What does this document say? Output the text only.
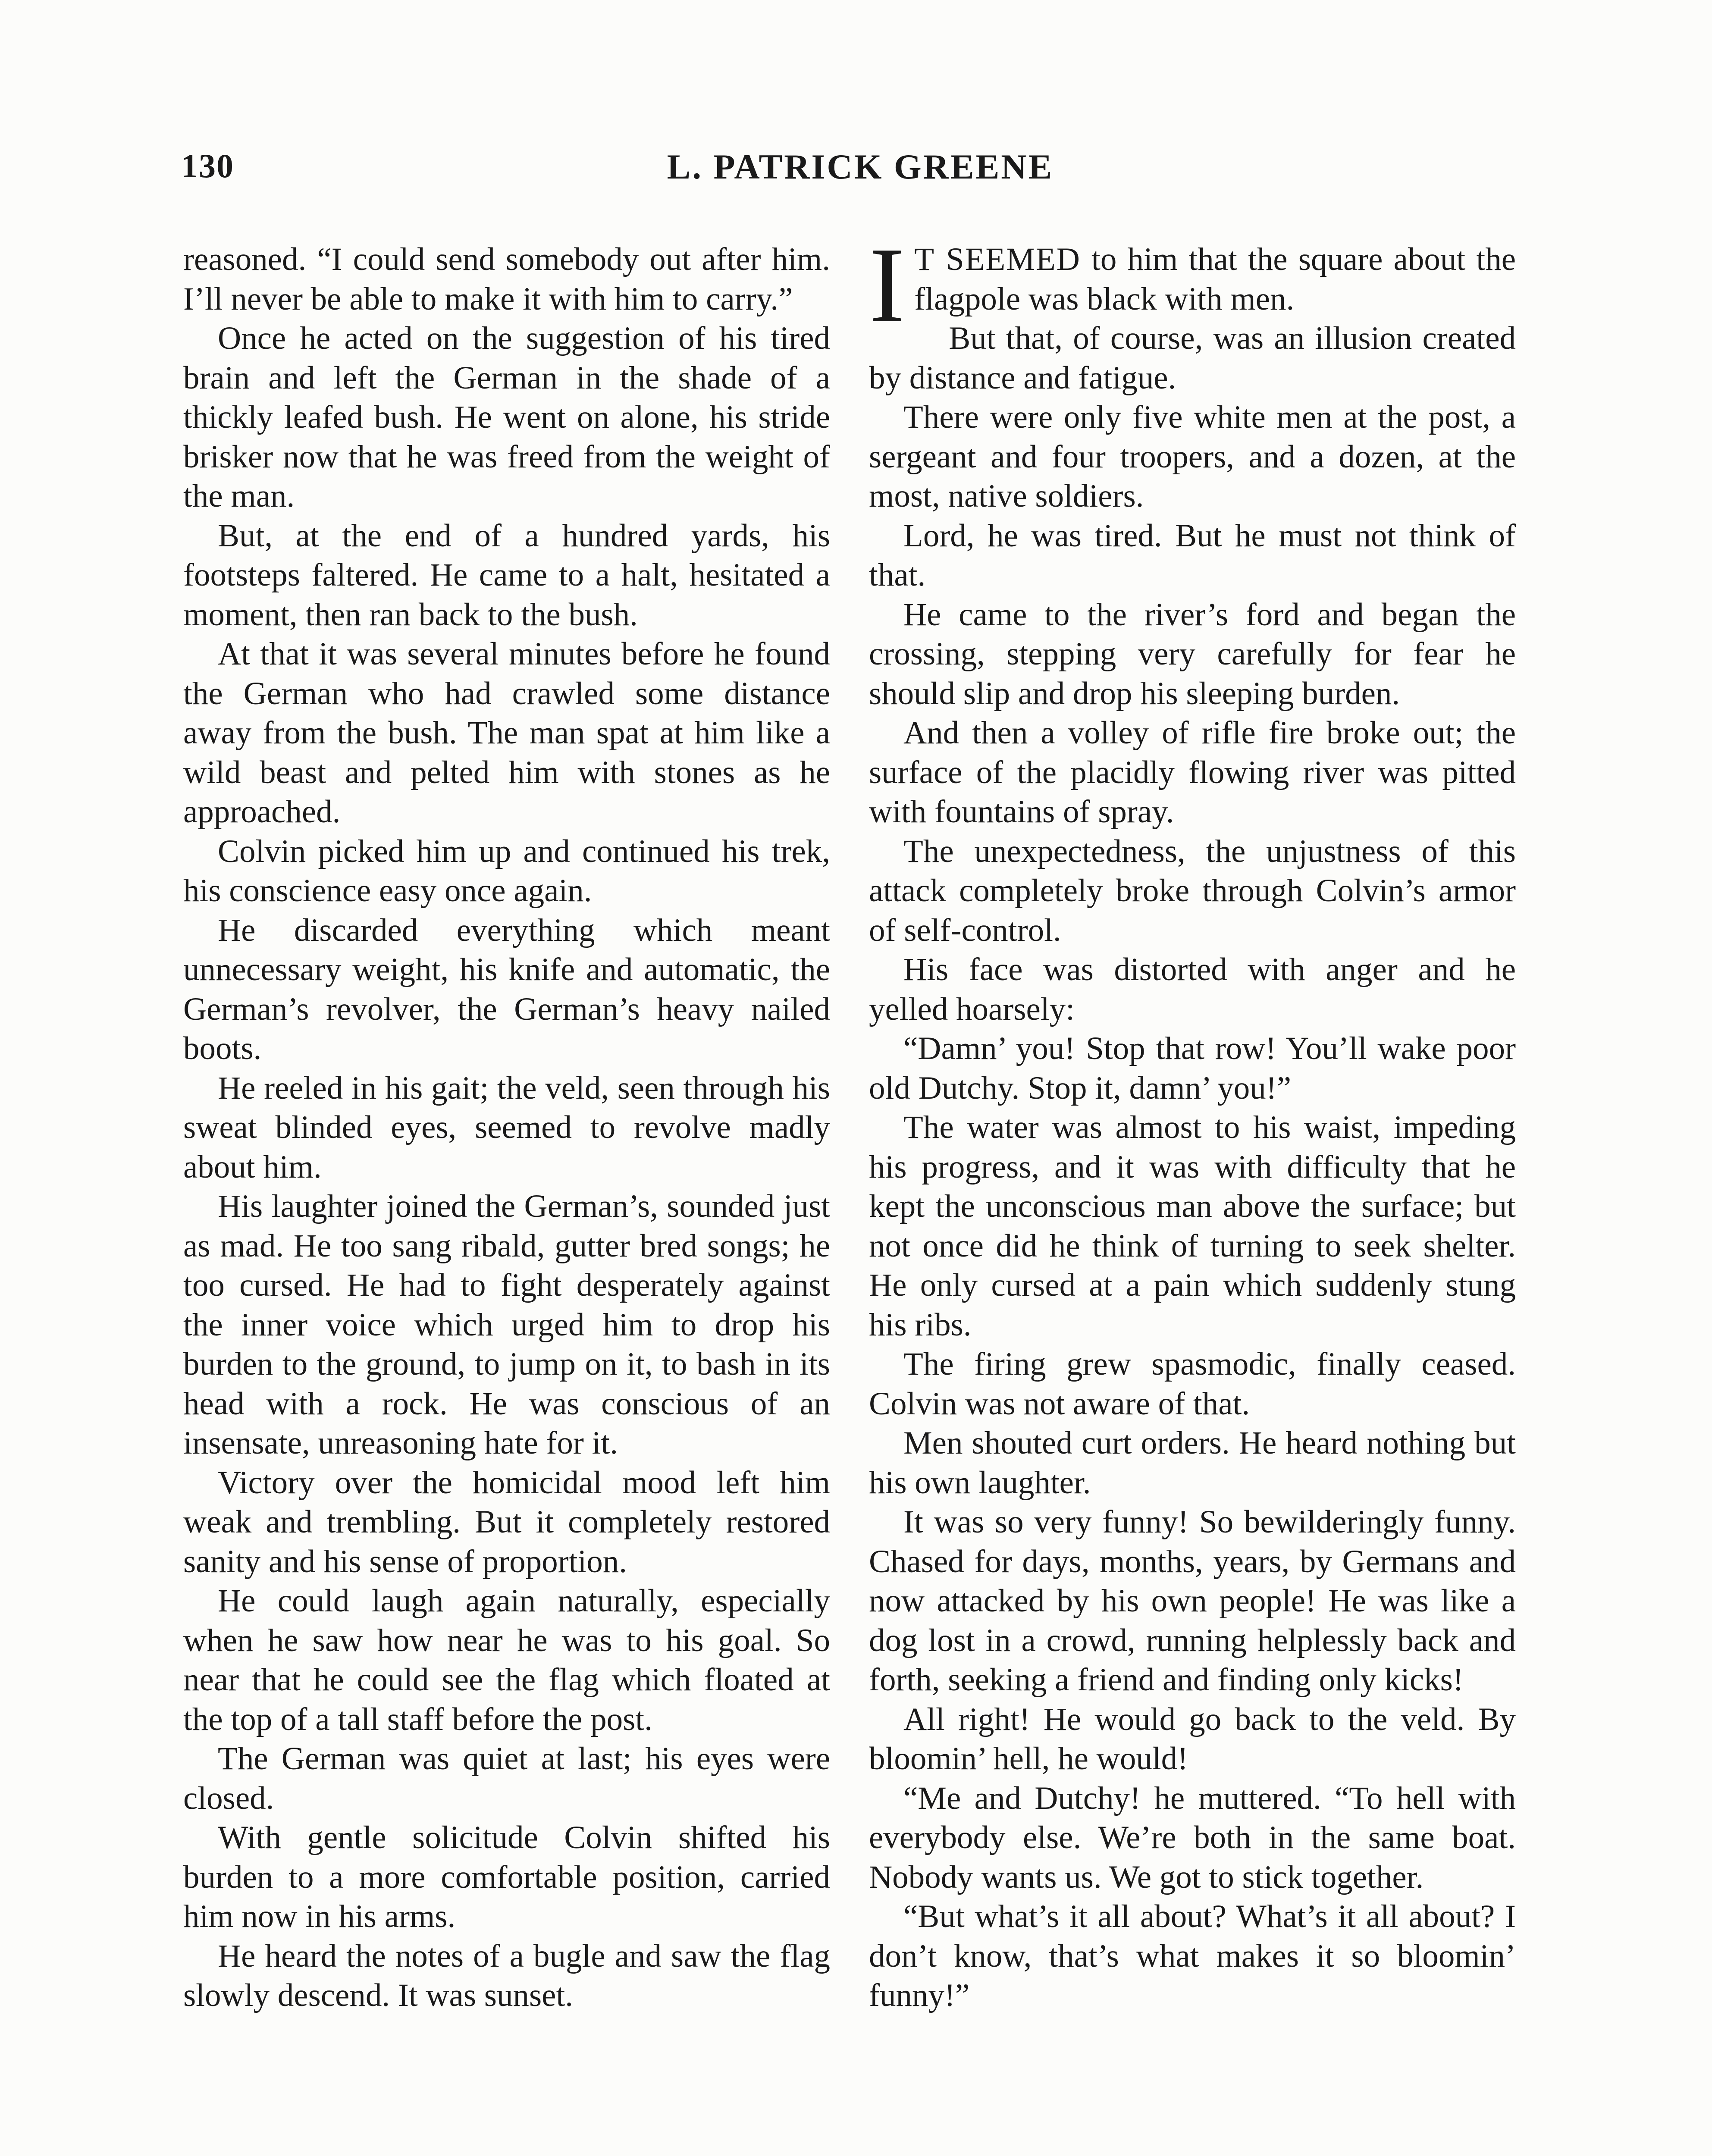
130	L. PATRICK GREENE

reasoned. “I could send somebody out after him. I’ll never be able to make it with him to carry.”

Once he acted on the suggestion of his tired brain and left the German in the shade of a thickly leafed bush. He went on alone, his stride brisker now that he was freed from the weight of the man.

But, at the end of a hundred yards, his footsteps faltered. He came to a halt, hesitated a moment, then ran back to the bush.

At that it was several minutes before he found the German who had crawled some distance away from the bush. The man spat at him like a wild beast and pelted him with stones as he approached.

Colvin picked him up and continued his trek, his conscience easy once again.

He discarded everything which meant unnecessary weight, his knife and automatic, the German’s revolver, the German’s heavy nailed boots.

He reeled in his gait; the veld, seen through his sweat blinded eyes, seemed to revolve madly about him.

His laughter joined the German’s, sounded just as mad. He too sang ribald, gutter bred songs; he too cursed. He had to fight desperately against the inner voice which urged him to drop his burden to the ground, to jump on it, to bash in its head with a rock. He was conscious of an insensate, unreasoning hate for it.

Victory over the homicidal mood left him weak and trembling. But it completely restored sanity and his sense of proportion.

He could laugh again naturally, especially when he saw how near he was to his goal. So near that he could see the flag which floated at the top of a tall staff before the post.

The German was quiet at last; his eyes were closed.

With gentle solicitude Colvin shifted his burden to a more comfortable position, carried him now in his arms.

He heard the notes of a bugle and saw the flag slowly descend. It was sunset.

I T SEEMED to him that the square about the flagpole was black with men.

But that, of course, was an illusion created by distance and fatigue.

There were only five white men at the post, a sergeant and four troopers, and a dozen, at the most, native soldiers.

Lord, he was tired. But he must not think of that.

He came to the river’s ford and began the crossing, stepping very carefully for fear he should slip and drop his sleeping burden.

And then a volley of rifle fire broke out; the surface of the placidly flowing river was pitted with fountains of spray.

The unexpectedness, the unjustness of this attack completely broke through Colvin’s armor of self-control.

His face was distorted with anger and he yelled hoarsely:

“Damn’ you! Stop that row! You’ll wake poor old Dutchy. Stop it, damn’ you!”

The water was almost to his waist, impeding his progress, and it was with difficulty that he kept the unconscious man above the surface; but not once did he think of turning to seek shelter. He only cursed at a pain which suddenly stung his ribs.

The firing grew spasmodic, finally ceased. Colvin was not aware of that.

Men shouted curt orders. He heard nothing but his own laughter.

It was so very funny! So bewilderingly funny. Chased for days, months, years, by Germans and now attacked by his own people! He was like a dog lost in a crowd, running helplessly back and forth, seeking a friend and finding only kicks!

All right! He would go back to the veld. By bloomin’ hell, he would!

“Me and Dutchy! he muttered. “To hell with everybody else. We’re both in the same boat. Nobody wants us. We got to stick together.

“But what’s it all about? What’s it all about? I don’t know, that’s what makes it so bloomin’ funny!”
